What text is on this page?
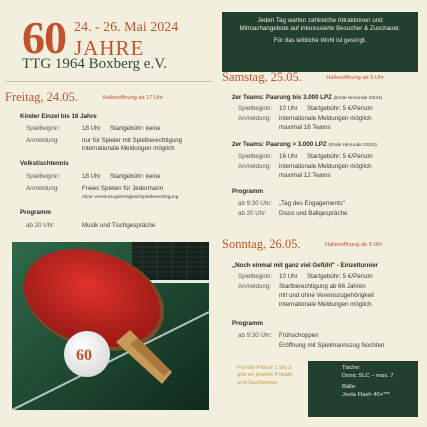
60 24. - 26. Mai 2024
JAHRE
TTG 1964 Boxberg e.V.

Jeden Tag warten zahlreiche Attraktionen und

Mitmachangebote auf interessierte Besucher & Zuschauer.

Für das leibliche Wohl ist gesorgt.

Freitag, 24.05.	Hallenöffnung ab 17 Uhr
Kinder Einzel bis 16 Jahre
Spielbeginn:	18 Uhr Startgebühr: keine
Anmeldung:	nur für Spieler mit Spielberechtigung
internationale Meldungen möglich
Volkstischtennis
Spielbeginn:	18 Uhr Startgebühr: keine
Anmeldung:	Freies Spielen für Jedermann
ohne Vereinszugehörigkeit/Spielberechtigung
Programm
ab 20 Uhr:	Musik und Tischgespräche
60
Samstag, 25.05.	Hallenöffnung ab 9 Uhr
2er Teams: Paarung bis 3.000 LPZ (Ende Hinrunde 23/24)
Spielbeginn: 10 Uhr Startgebühr: 5 €/Person
Anmeldung: internationale Meldungen möglich
maximal 16 Teams
2er Teams: Paarung > 3.000 LPZ (Ende Hinrunde 23/24)
Spielbeginn: 16 Uhr Startgebühr: 5 €/Person
Anmeldung: internationale Meldungen möglich
maximal 12 Teams
Programm
ab 9:30 Uhr: „Tag des Engagements"
ab 20 Uhr: Disco und Ballgespräche
Sonntag, 26.05.	Hallenöffnung ab 9 Uhr
„Noch einmal mit ganz viel Gefühl" - Einzelturnier
Spielbeginn: 10 Uhr Startgebühr: 5 €/Person
Anmeldung: Startberechtigung ab 66 Jahren
mit und ohne Vereinszugehörigkeit
internationale Meldungen möglich
Programm
ab 9:30 Uhr: Frühschoppen
Eröffnung mit Spielmannszug Nochten
Für die Plätze 1 bis 3
gibt es jeweils Pokale
und Sachpreise.
Tische:
Donic SLC – max. 7
Bälle:
Joola Flash 40+***
